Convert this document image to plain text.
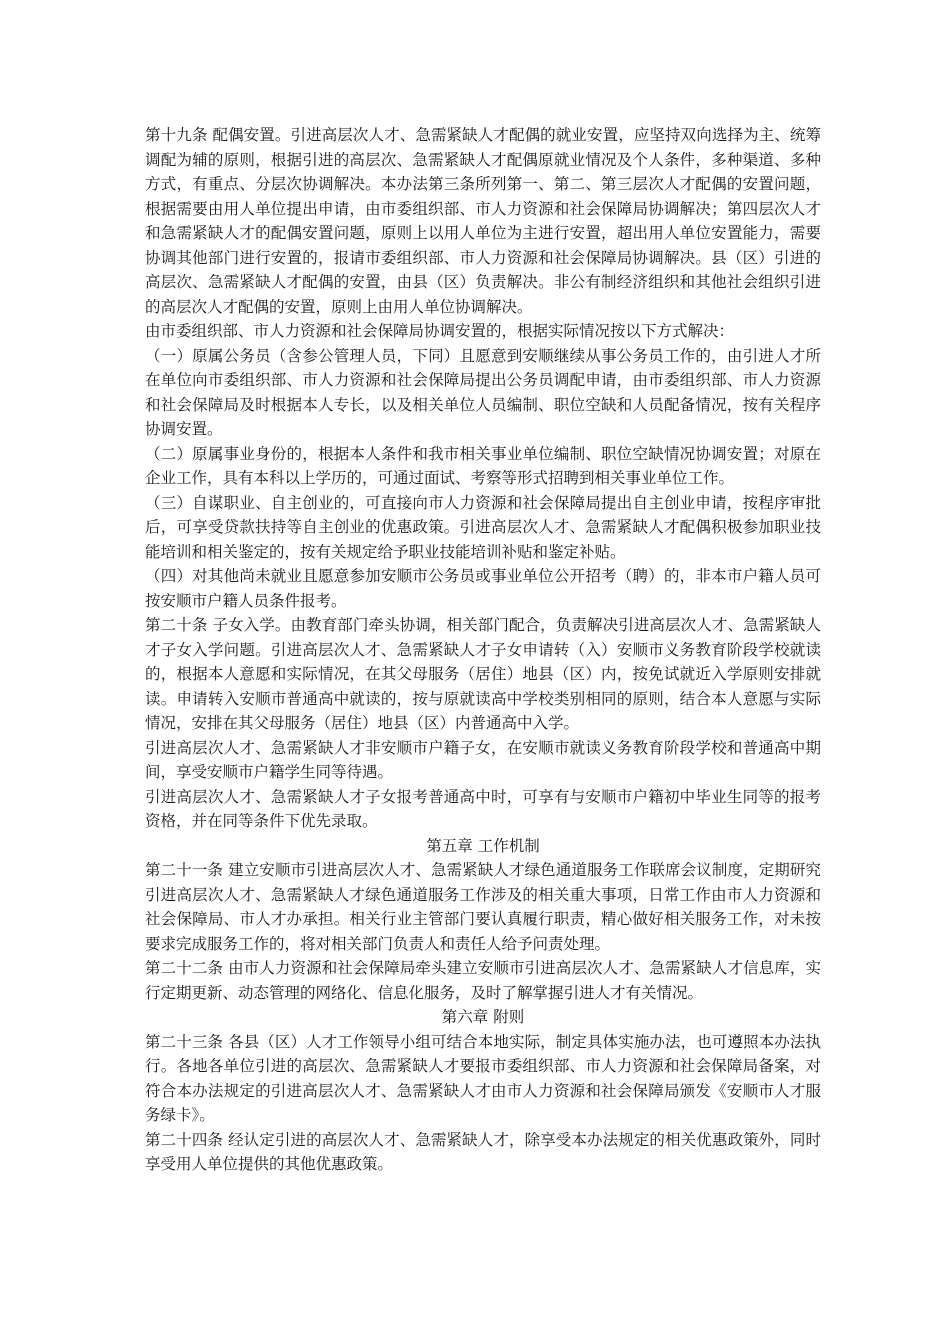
第十九条 配偶安置。引进高层次人才、急需紧缺人才配偶的就业安置，应坚持双向选择为主、统筹调配为辅的原则，根据引进的高层次、急需紧缺人才配偶原就业情况及个人条件，多种渠道、多种方式，有重点、分层次协调解决。本办法第三条所列第一、第二、第三层次人才配偶的安置问题，根据需要由用人单位提出申请，由市委组织部、市人力资源和社会保障局协调解决；第四层次人才和急需紧缺人才的配偶安置问题，原则上以用人单位为主进行安置，超出用人单位安置能力，需要协调其他部门进行安置的，报请市委组织部、市人力资源和社会保障局协调解决。县（区）引进的高层次、急需紧缺人才配偶的安置，由县（区）负责解决。非公有制经济组织和其他社会组织引进的高层次人才配偶的安置，原则上由用人单位协调解决。

由市委组织部、市人力资源和社会保障局协调安置的，根据实际情况按以下方式解决：

（一）原属公务员（含参公管理人员，下同）且愿意到安顺继续从事公务员工作的，由引进人才所在单位向市委组织部、市人力资源和社会保障局提出公务员调配申请，由市委组织部、市人力资源和社会保障局及时根据本人专长，以及相关单位人员编制、职位空缺和人员配备情况，按有关程序协调安置。

（二）原属事业身份的，根据本人条件和我市相关事业单位编制、职位空缺情况协调安置；对原在企业工作，具有本科以上学历的，可通过面试、考察等形式招聘到相关事业单位工作。

（三）自谋职业、自主创业的，可直接向市人力资源和社会保障局提出自主创业申请，按程序审批后，可享受贷款扶持等自主创业的优惠政策。引进高层次人才、急需紧缺人才配偶积极参加职业技能培训和相关鉴定的，按有关规定给予职业技能培训补贴和鉴定补贴。

（四）对其他尚未就业且愿意参加安顺市公务员或事业单位公开招考（聘）的，非本市户籍人员可按安顺市户籍人员条件报考。

第二十条 子女入学。由教育部门牵头协调，相关部门配合，负责解决引进高层次人才、急需紧缺人才子女入学问题。引进高层次人才、急需紧缺人才子女申请转（入）安顺市义务教育阶段学校就读的，根据本人意愿和实际情况，在其父母服务（居住）地县（区）内，按免试就近入学原则安排就读。申请转入安顺市普通高中就读的，按与原就读高中学校类别相同的原则，结合本人意愿与实际情况，安排在其父母服务（居住）地县（区）内普通高中入学。

引进高层次人才、急需紧缺人才非安顺市户籍子女，在安顺市就读义务教育阶段学校和普通高中期间，享受安顺市户籍学生同等待遇。

引进高层次人才、急需紧缺人才子女报考普通高中时，可享有与安顺市户籍初中毕业生同等的报考资格，并在同等条件下优先录取。

第五章 工作机制

第二十一条 建立安顺市引进高层次人才、急需紧缺人才绿色通道服务工作联席会议制度，定期研究引进高层次人才、急需紧缺人才绿色通道服务工作涉及的相关重大事项，日常工作由市人力资源和社会保障局、市人才办承担。相关行业主管部门要认真履行职责，精心做好相关服务工作，对未按要求完成服务工作的，将对相关部门负责人和责任人给予问责处理。

第二十二条 由市人力资源和社会保障局牵头建立安顺市引进高层次人才、急需紧缺人才信息库，实行定期更新、动态管理的网络化、信息化服务，及时了解掌握引进人才有关情况。

第六章 附则

第二十三条 各县（区）人才工作领导小组可结合本地实际，制定具体实施办法，也可遵照本办法执行。各地各单位引进的高层次、急需紧缺人才要报市委组织部、市人力资源和社会保障局备案，对符合本办法规定的引进高层次人才、急需紧缺人才由市人力资源和社会保障局颁发《安顺市人才服务绿卡》。

第二十四条 经认定引进的高层次人才、急需紧缺人才，除享受本办法规定的相关优惠政策外，同时享受用人单位提供的其他优惠政策。
